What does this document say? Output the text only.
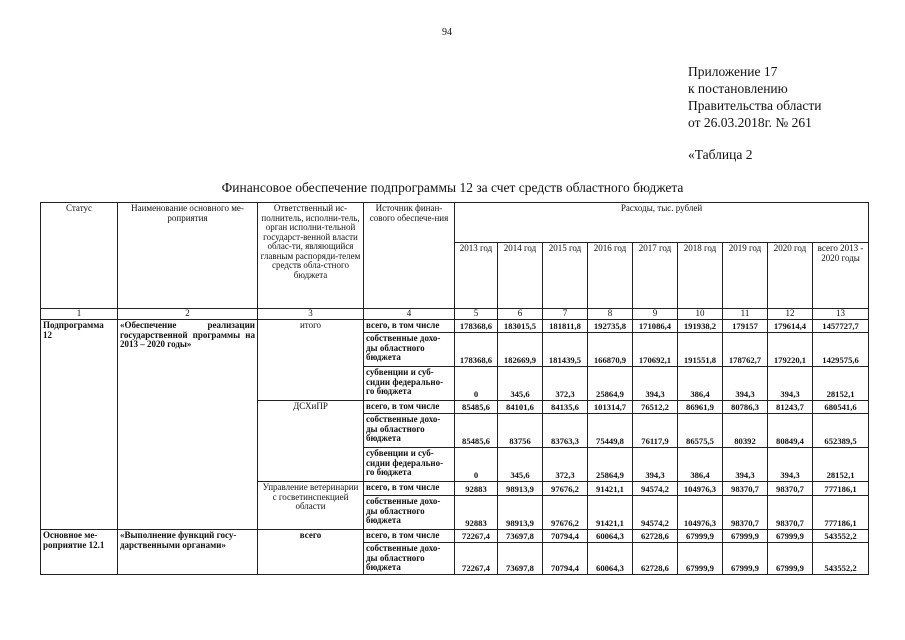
94
Приложение 17
к постановлению
Правительства области
от 26.03.2018г. № 261
«Таблица 2
Финансовое обеспечение подпрограммы 12 за счет средств областного бюджета
Статус	Наименование основного ме-роприятия	Ответственный ис-полнитель, исполни-тель, орган исполни-тельной государст-венной власти облас-ти, являющийся главным распоряди-телем средств обла-стного бюджета	Источник финан-сового обеспече-ния	Расходы, тыс. рублей								
				2013 год	2014 год	2015 год	2016 год	2017 год	2018 год	2019 год	2020 год	всего 2013 - 2020 годы
1	2	3	4	5	6	7	8	9	10	11	12	13
Подпрограмма 12	«Обеспечение реализации государственной программы на 2013 – 2020 годы»	итого	всего, в том числе	178368,6	183015,5	181811,8	192735,8	171086,4	191938,2	179157	179614,4	1457727,7

			собственные дохо-
ды областного
бюджета	178368,6	182669,9	181439,5	166870,9	170692,1	191551,8	178762,7	179220,1	1429575,6

			субвенции и суб-
сидии федерально-
го бюджета	0	345,6	372,3	25864,9	394,3	386,4	394,3	394,3	28152,1
		ДСХиПР	всего, в том числе	85485,6	84101,6	84135,6	101314,7	76512,2	86961,9	80786,3	81243,7	680541,6

			собственные дохо-
ды областного
бюджета	85485,6	83756	83763,3	75449,8	76117,9	86575,5	80392	80849,4	652389,5

			субвенции и суб-
сидии федерально-
го бюджета	0	345,6	372,3	25864,9	394,3	386,4	394,3	394,3	28152,1
		Управление ветеринарии с госветинспекцией области	всего, в том числе	92883	98913,9	97676,2	91421,1	94574,2	104976,3	98370,7	98370,7	777186,1

			собственные дохо-
ды областного
бюджета	92883	98913,9	97676,2	91421,1	94574,2	104976,3	98370,7	98370,7	777186,1
Основное ме-роприятие 12.1	«Выполнение функций госу-дарственными органами»	всего	всего, в том числе	72267,4	73697,8	70794,4	60064,3	62728,6	67999,9	67999,9	67999,9	543552,2

			собственные дохо-
ды областного
бюджета	72267,4	73697,8	70794,4	60064,3	62728,6	67999,9	67999,9	67999,9	543552,2
